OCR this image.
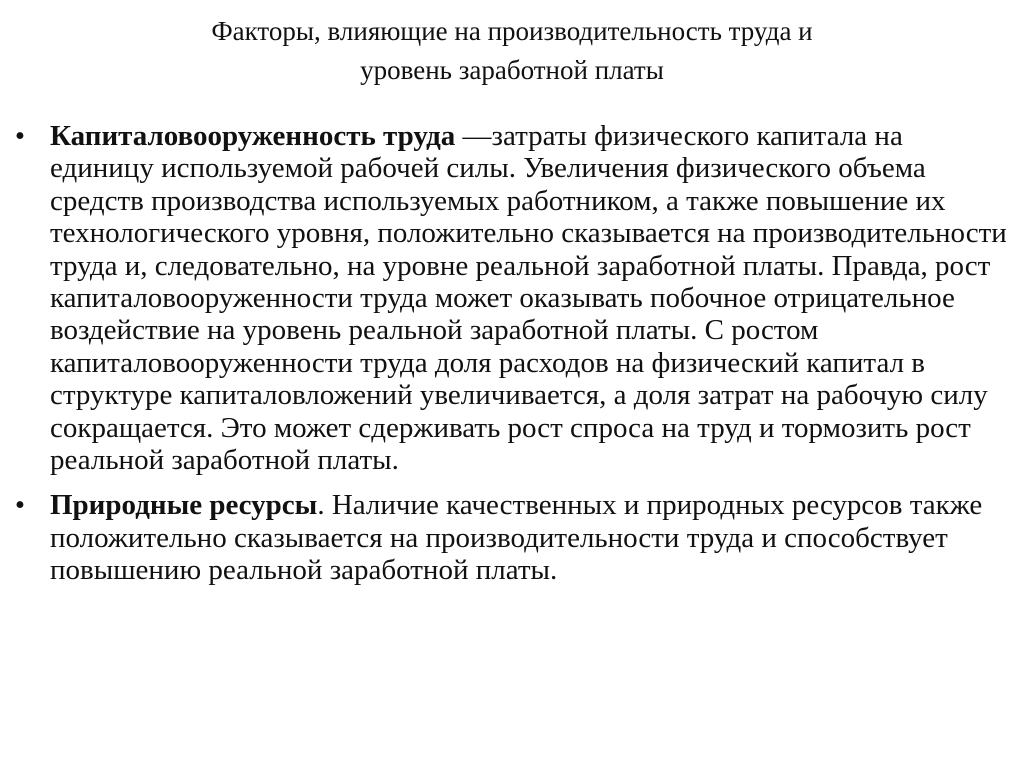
Факторы, влияющие на производительность труда и
уровень заработной платы
• Капиталовооруженность труда —затраты физического капитала на единицу используемой рабочей силы. Увеличения физического объема средств производства используемых работником, а также повышение их технологического уровня, положительно сказывается на производительности труда и, следовательно, на уровне реальной заработной платы. Правда, рост капиталовооруженности труда может оказывать побочное отрицательное воздействие на уровень реальной заработной платы. С ростом капиталовооруженности труда доля расходов на физический капитал в структуре капиталовложений увеличивается, а доля затрат на рабочую силу сокращается. Это может сдерживать рост спроса на труд и тормозить рост реальной заработной платы.
• Природные ресурсы. Наличие качественных и природных ресурсов также положительно сказывается на производительности труда и способствует повышению реальной заработной платы.
